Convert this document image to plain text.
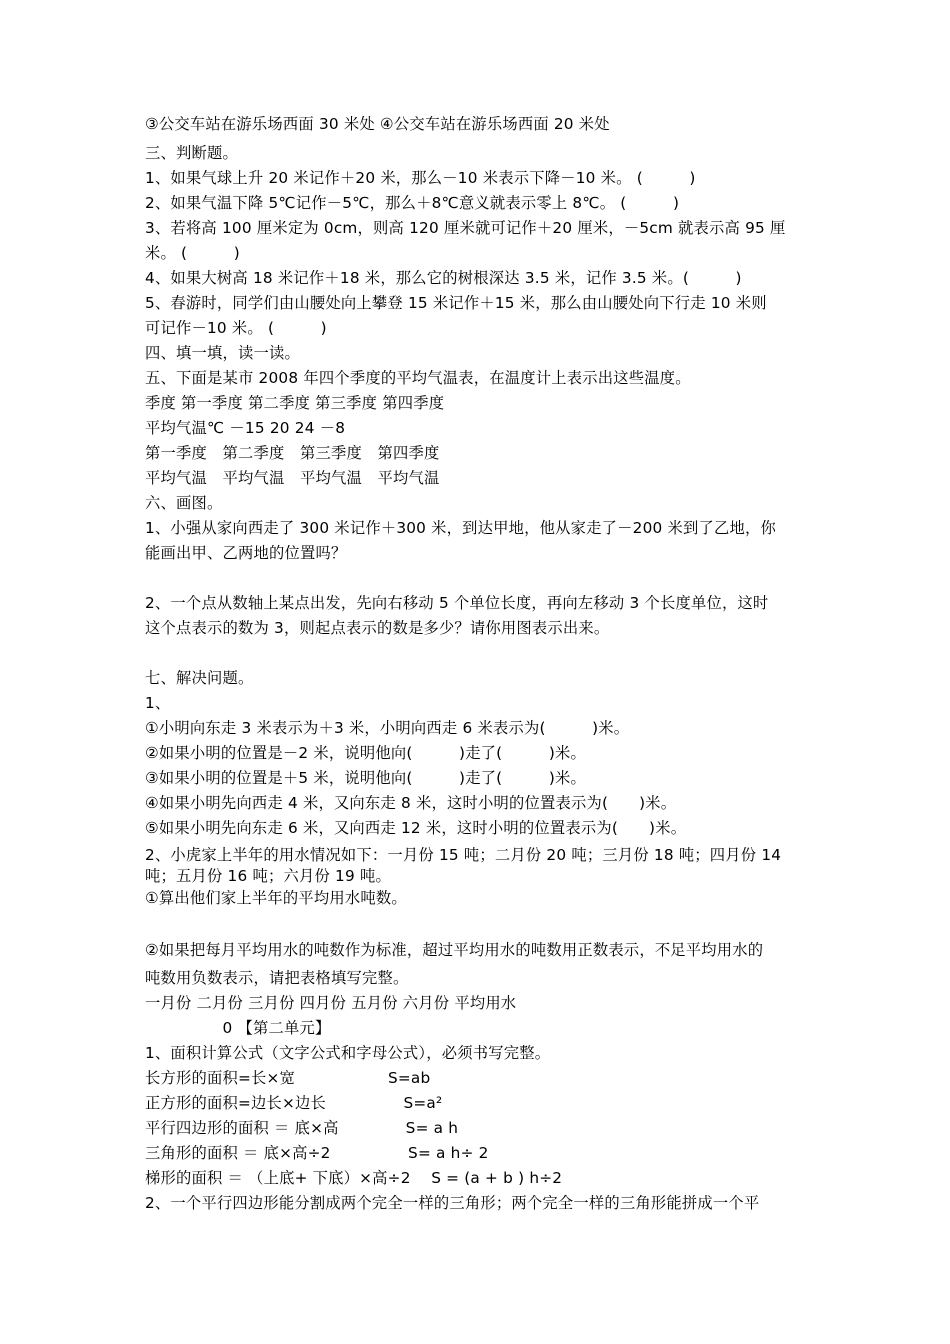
③公交车站在游乐场西面 30 米处 ④公交车站在游乐场西面 20 米处
三、判断题。
1、如果气球上升 20 米记作＋20 米，那么－10 米表示下降－10 米。 (　　　)
2、如果气温下降 5℃记作－5℃，那么＋8℃意义就表示零上 8℃。 (　　　)
3、若将高 100 厘米定为 0cm，则高 120 厘米就可记作＋20 厘米，－5cm 就表示高 95 厘
米。 (　　　)
4、如果大树高 18 米记作＋18 米，那么它的树根深达 3.5 米，记作 3.5 米。(　　　)
5、春游时，同学们由山腰处向上攀登 15 米记作＋15 米，那么由山腰处向下行走 10 米则
可记作－10 米。 (　　　)
四、填一填，读一读。
五、下面是某市 2008 年四个季度的平均气温表，在温度计上表示出这些温度。
季度 第一季度 第二季度 第三季度 第四季度
平均气温℃ －15 20 24 －8
第一季度　第二季度　第三季度　第四季度
平均气温　平均气温　平均气温　平均气温
六、画图。
1、小强从家向西走了 300 米记作＋300 米，到达甲地，他从家走了－200 米到了乙地，你
能画出甲、乙两地的位置吗？
2、一个点从数轴上某点出发，先向右移动 5 个单位长度，再向左移动 3 个长度单位，这时
这个点表示的数为 3，则起点表示的数是多少？请你用图表示出来。
七、解决问题。
1、
①小明向东走 3 米表示为＋3 米，小明向西走 6 米表示为(　　　)米。
②如果小明的位置是－2 米，说明他向(　　　)走了(　　　)米。
③如果小明的位置是＋5 米，说明他向(　　　)走了(　　　)米。
④如果小明先向西走 4 米，又向东走 8 米，这时小明的位置表示为(　　)米。
⑤如果小明先向东走 6 米，又向西走 12 米，这时小明的位置表示为(　　)米。
2、小虎家上半年的用水情况如下：一月份 15 吨；二月份 20 吨；三月份 18 吨；四月份 14
吨；五月份 16 吨；六月份 19 吨。
①算出他们家上半年的平均用水吨数。
②如果把每月平均用水的吨数作为标准，超过平均用水的吨数用正数表示，不足平均用水的
吨数用负数表示，请把表格填写完整。
一月份 二月份 三月份 四月份 五月份 六月份 平均用水
　　　　　0 【第二单元】
1、面积计算公式（文字公式和字母公式），必须书写完整。
长方形的面积=长×宽　　　　　　S=ab
正方形的面积=边长×边长　　　　　S=a²
平行四边形的面积 ＝ 底×高　　　　 S= a h
三角形的面积 ＝ 底×高÷2　　　　　S= a h÷ 2
梯形的面积 ＝ （上底+ 下底）×高÷2　 S = (a + b ) h÷2
2、一个平行四边形能分割成两个完全一样的三角形；两个完全一样的三角形能拼成一个平
